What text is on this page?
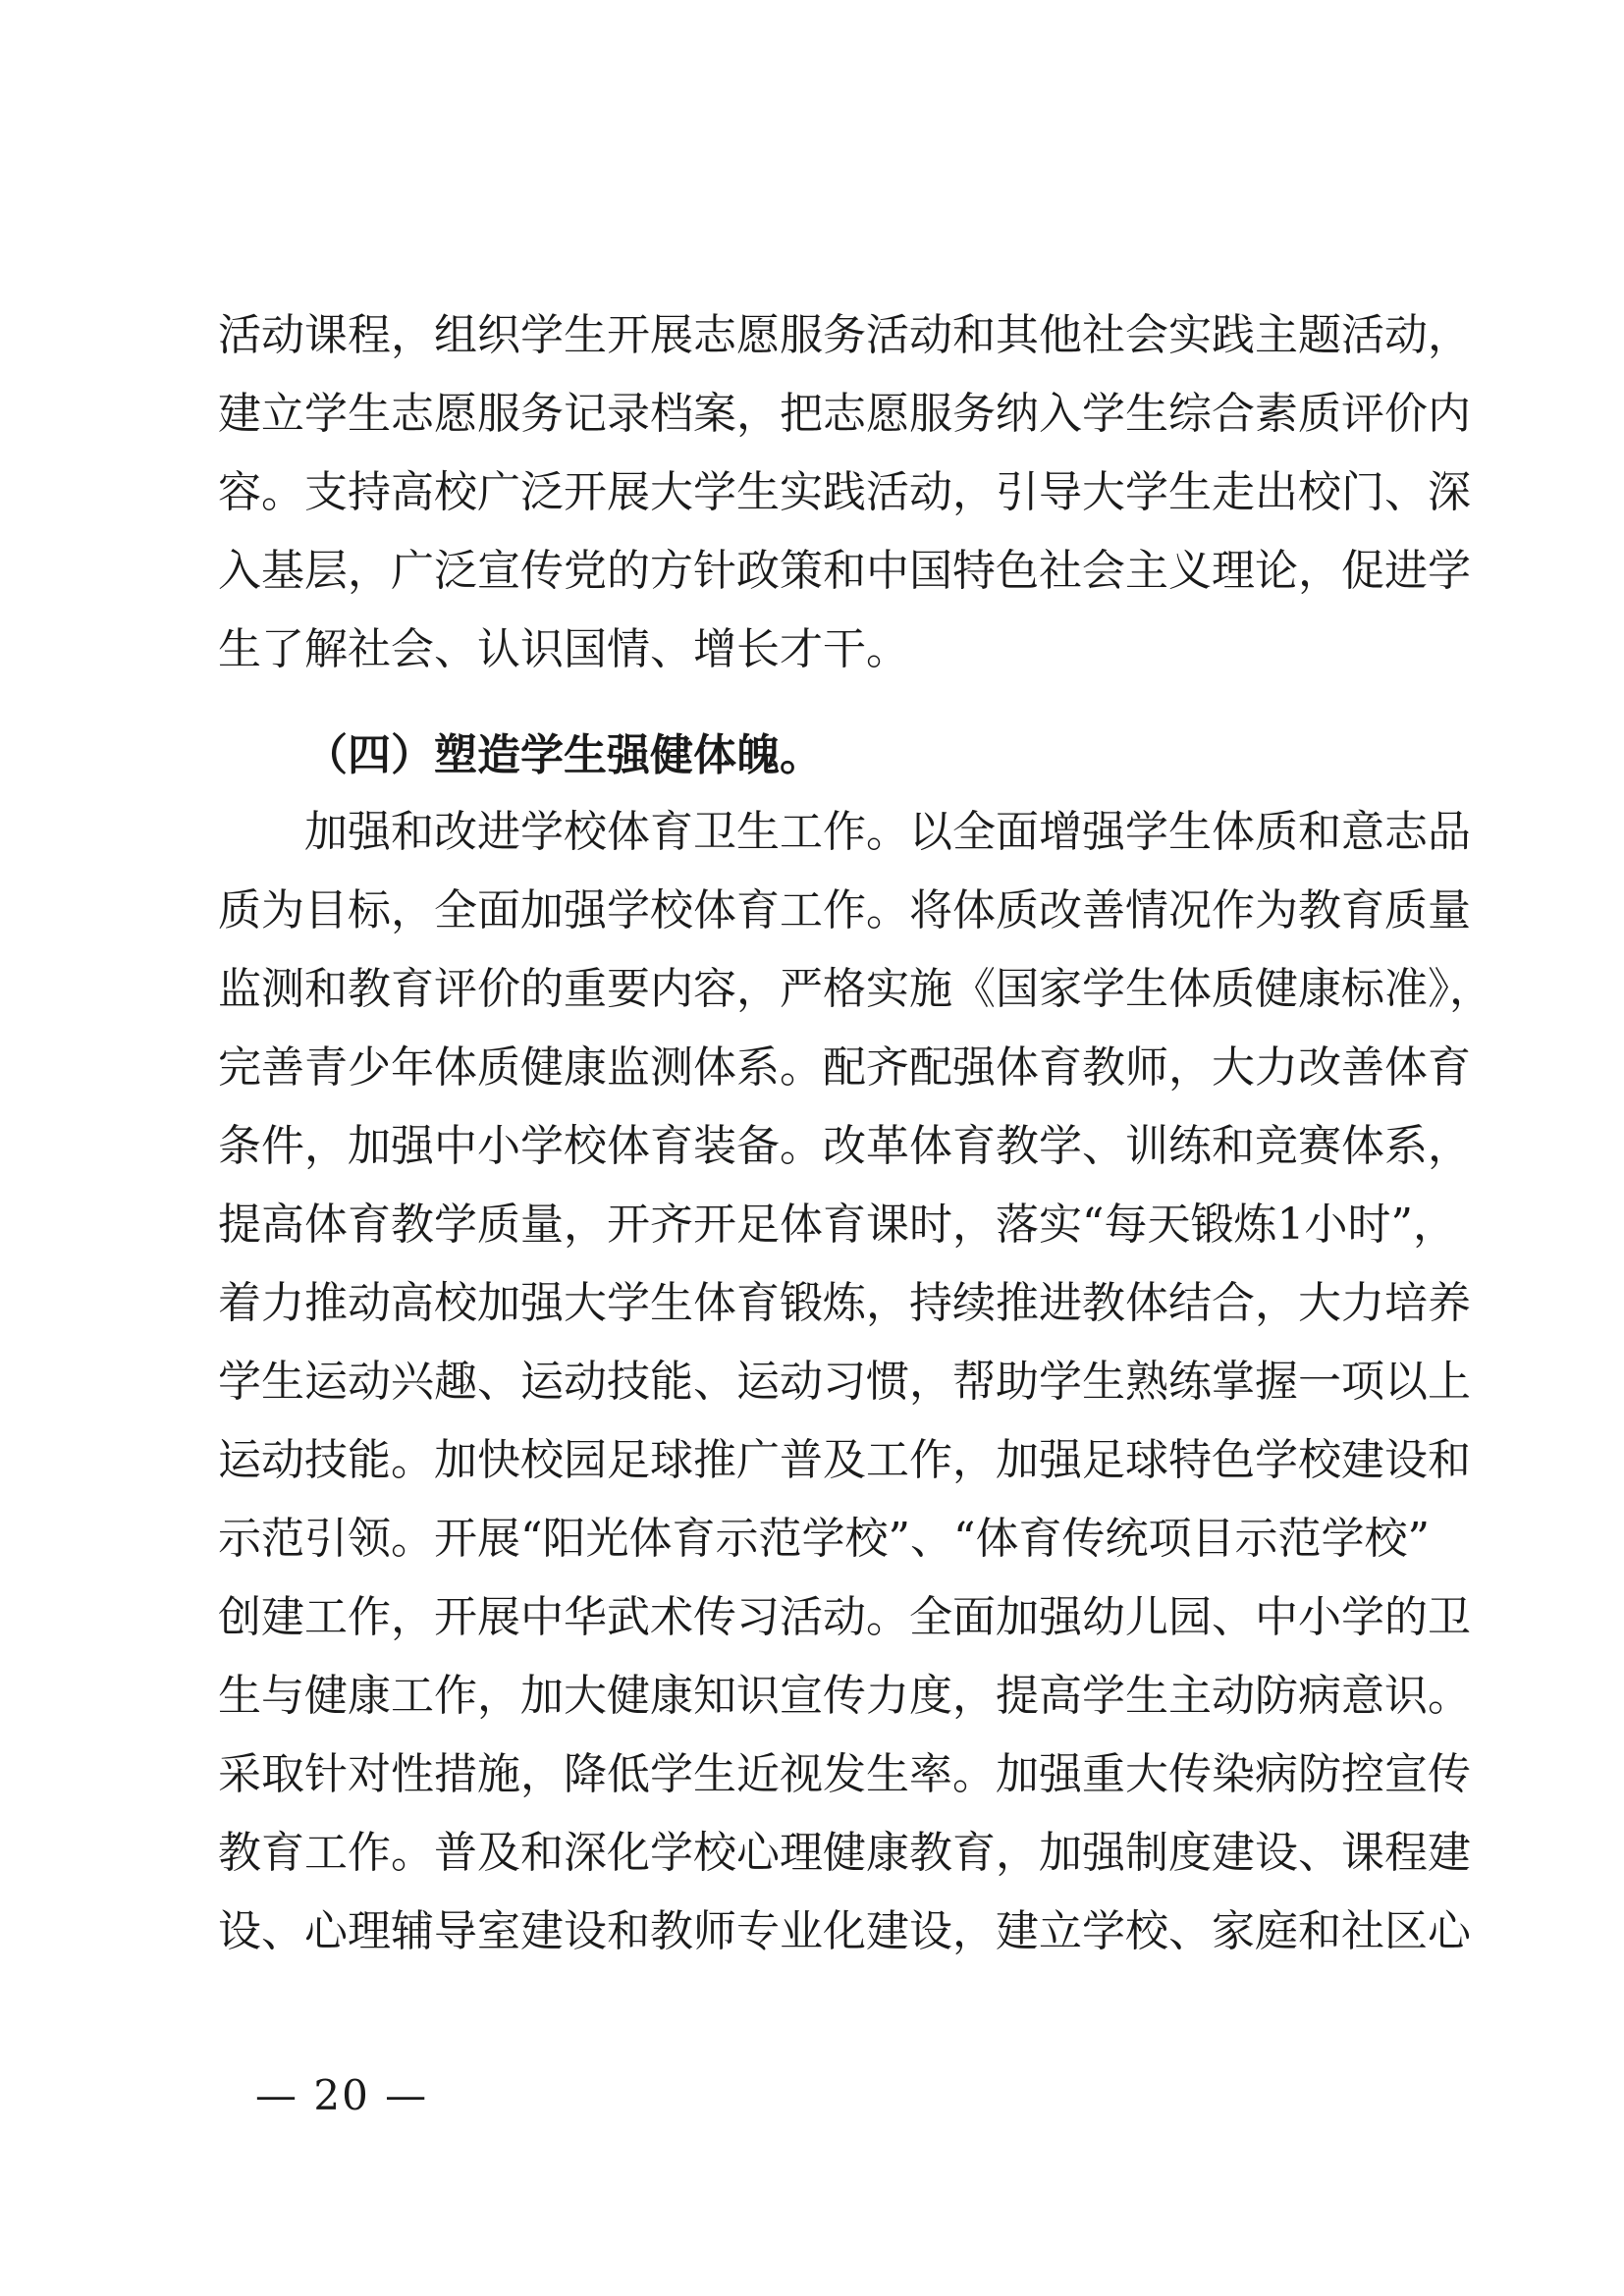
活动课程，组织学生开展志愿服务活动和其他社会实践主题活动，
建立学生志愿服务记录档案，把志愿服务纳入学生综合素质评价内
容。支持高校广泛开展大学生实践活动，引导大学生走出校门、深
入基层，广泛宣传党的方针政策和中国特色社会主义理论，促进学
生了解社会、认识国情、增长才干。
（四）塑造学生强健体魄。
加强和改进学校体育卫生工作。以全面增强学生体质和意志品
质为目标，全面加强学校体育工作。将体质改善情况作为教育质量
监测和教育评价的重要内容，严格实施《国家学生体质健康标准》，
完善青少年体质健康监测体系。配齐配强体育教师，大力改善体育
条件，加强中小学校体育装备。改革体育教学、训练和竞赛体系，
提高体育教学质量，开齐开足体育课时，落实“每天锻炼1小时”，
着力推动高校加强大学生体育锻炼，持续推进教体结合，大力培养
学生运动兴趣、运动技能、运动习惯，帮助学生熟练掌握一项以上
运动技能。加快校园足球推广普及工作，加强足球特色学校建设和
示范引领。开展“阳光体育示范学校”、“体育传统项目示范学校”
创建工作，开展中华武术传习活动。全面加强幼儿园、中小学的卫
生与健康工作，加大健康知识宣传力度，提高学生主动防病意识。
采取针对性措施，降低学生近视发生率。加强重大传染病防控宣传
教育工作。普及和深化学校心理健康教育，加强制度建设、课程建
设、心理辅导室建设和教师专业化建设，建立学校、家庭和社区心
— 20 —
